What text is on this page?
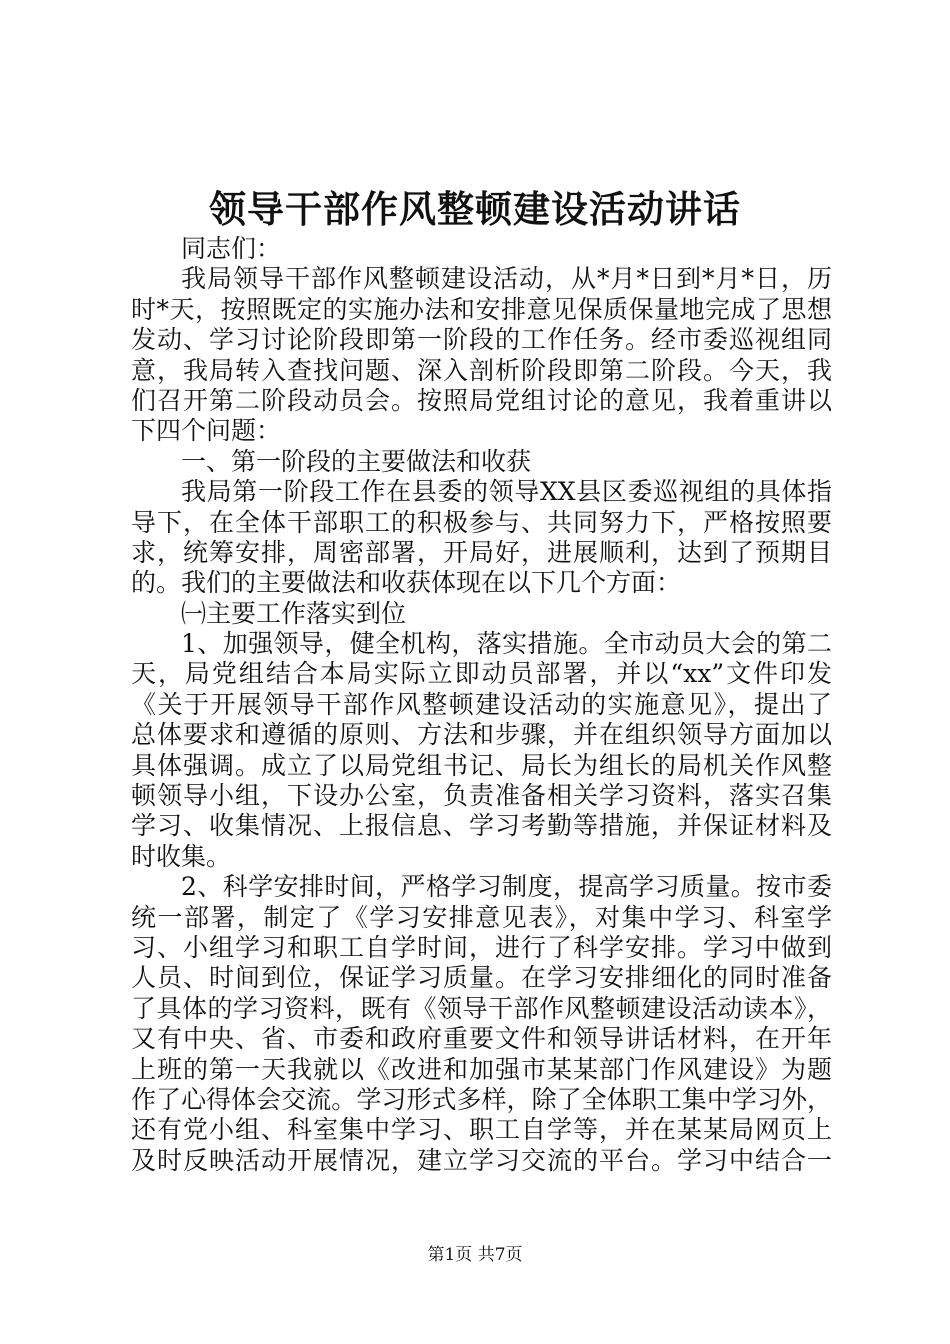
领导干部作风整顿建设活动讲话
同志们：
我局领导干部作风整顿建设活动，从*月*日到*月*日，历
时*天，按照既定的实施办法和安排意见保质保量地完成了思想
发动、学习讨论阶段即第一阶段的工作任务。经市委巡视组同
意，我局转入查找问题、深入剖析阶段即第二阶段。今天，我
们召开第二阶段动员会。按照局党组讨论的意见，我着重讲以
下四个问题：
一、第一阶段的主要做法和收获
我局第一阶段工作在县委的领导XX县区委巡视组的具体指
导下，在全体干部职工的积极参与、共同努力下，严格按照要
求，统筹安排，周密部署，开局好，进展顺利，达到了预期目
的。我们的主要做法和收获体现在以下几个方面：
㈠主要工作落实到位
1、加强领导，健全机构，落实措施。全市动员大会的第二
天，局党组结合本局实际立即动员部署，并以“xx”文件印发
《关于开展领导干部作风整顿建设活动的实施意见》，提出了
总体要求和遵循的原则、方法和步骤，并在组织领导方面加以
具体强调。成立了以局党组书记、局长为组长的局机关作风整
顿领导小组，下设办公室，负责准备相关学习资料，落实召集
学习、收集情况、上报信息、学习考勤等措施，并保证材料及
时收集。
2、科学安排时间，严格学习制度，提高学习质量。按市委
统一部署，制定了《学习安排意见表》，对集中学习、科室学
习、小组学习和职工自学时间，进行了科学安排。学习中做到
人员、时间到位，保证学习质量。在学习安排细化的同时准备
了具体的学习资料，既有《领导干部作风整顿建设活动读本》，
又有中央、省、市委和政府重要文件和领导讲话材料，在开年
上班的第一天我就以《改进和加强市某某部门作风建设》为题
作了心得体会交流。学习形式多样，除了全体职工集中学习外，
还有党小组、科室集中学习、职工自学等，并在某某局网页上
及时反映活动开展情况，建立学习交流的平台。学习中结合一
第1页 共7页
